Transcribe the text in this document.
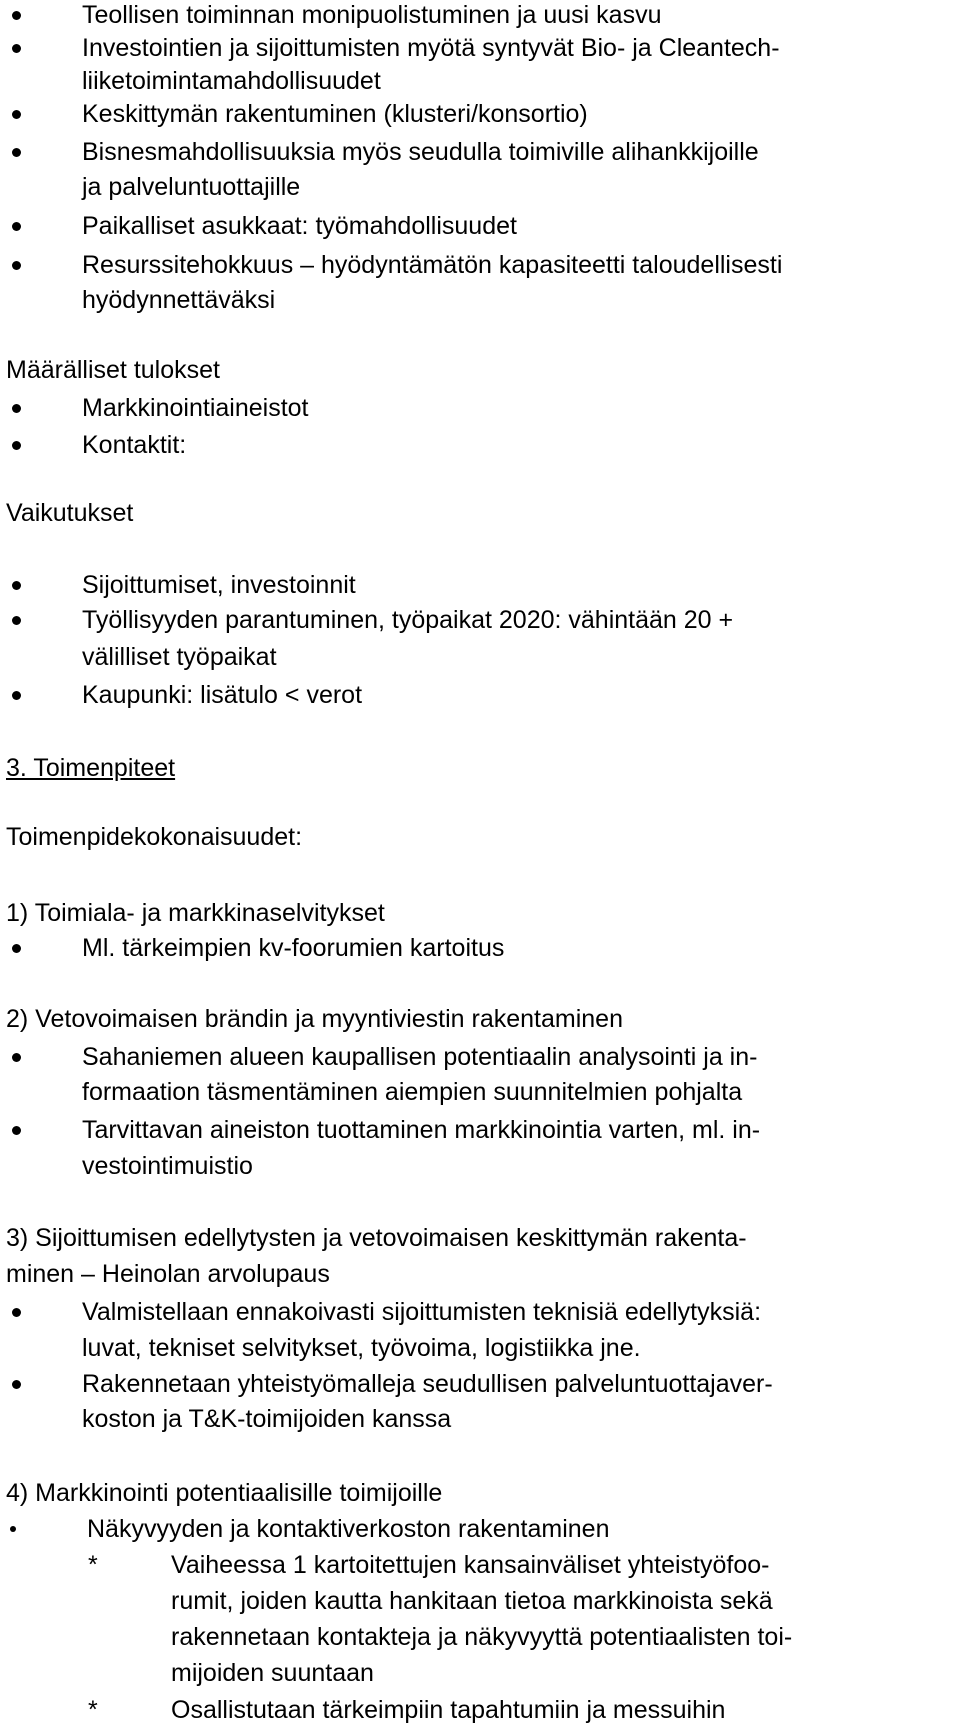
Teollisen toiminnan monipuolistuminen ja uusi kasvu
Investointien ja sijoittumisten myötä syntyvät Bio- ja Cleantech-
liiketoimintamahdollisuudet
Keskittymän rakentuminen (klusteri/konsortio)
Bisnesmahdollisuuksia myös seudulla toimiville alihankkijoille
ja palveluntuottajille
Paikalliset asukkaat: työmahdollisuudet
Resurssitehokkuus – hyödyntämätön kapasiteetti taloudellisesti
hyödynnettäväksi
Määrälliset tulokset
Markkinointiaineistot
Kontaktit:
Vaikutukset
Sijoittumiset, investoinnit
Työllisyyden parantuminen, työpaikat 2020: vähintään 20 +
välilliset työpaikat
Kaupunki: lisätulo < verot
3. Toimenpiteet
Toimenpidekokonaisuudet:
1) Toimiala- ja markkinaselvitykset
Ml. tärkeimpien kv-foorumien kartoitus
2) Vetovoimaisen brändin ja myyntiviestin rakentaminen
Sahaniemen alueen kaupallisen potentiaalin analysointi ja in-
formaation täsmentäminen aiempien suunnitelmien pohjalta
Tarvittavan aineiston tuottaminen markkinointia varten, ml. in-
vestointimuistio
3) Sijoittumisen edellytysten ja vetovoimaisen keskittymän rakenta-
minen – Heinolan arvolupaus
Valmistellaan ennakoivasti sijoittumisten teknisiä edellytyksiä:
luvat, tekniset selvitykset, työvoima, logistiikka jne.
Rakennetaan yhteistyömalleja seudullisen palveluntuottajaver-
koston ja T&K-toimijoiden kanssa
4) Markkinointi potentiaalisille toimijoille
Näkyvyyden ja kontaktiverkoston rakentaminen
*	Vaiheessa 1 kartoitettujen kansainväliset yhteistyöfoo-
rumit, joiden kautta hankitaan tietoa markkinoista sekä
rakennetaan kontakteja ja näkyvyyttä potentiaalisten toi-
mijoiden suuntaan
*	Osallistutaan tärkeimpiin tapahtumiin ja messuihin
